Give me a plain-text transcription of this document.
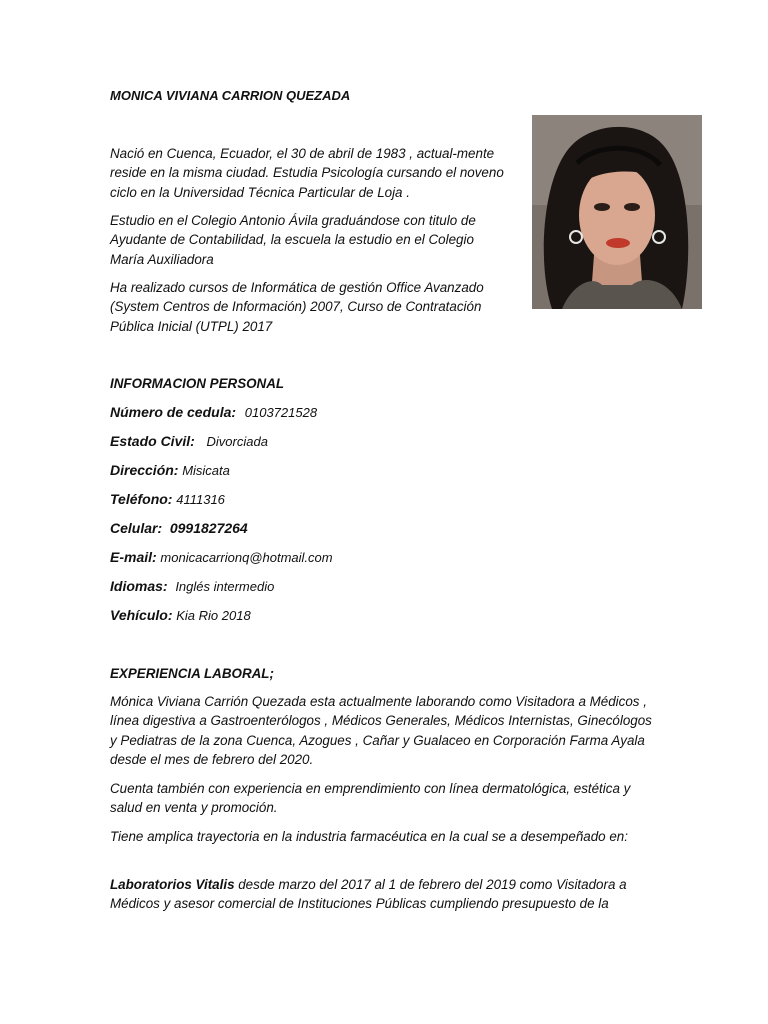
MONICA VIVIANA CARRION QUEZADA

Nació en Cuenca, Ecuador, el 30 de abril de 1983 , actual-mente reside en la misma ciudad. Estudia Psicología cursando el noveno ciclo en la Universidad Técnica Particular de Loja .

Estudio en el Colegio Antonio Ávila graduándose con titulo de Ayudante de Contabilidad, la escuela la estudio en el Colegio María Auxiliadora

Ha realizado cursos de Informática de gestión Office Avanzado (System Centros de Información) 2007, Curso de Contratación Pública Inicial (UTPL) 2017

INFORMACION PERSONAL

Número de cedula: 0103721528
Estado Civil: Divorciada
Dirección: Misicata
Teléfono: 4111316
Celular: 0991827264
E-mail: monicacarrionq@hotmail.com
Idiomas: Inglés intermedio
Vehículo: Kia Rio 2018

EXPERIENCIA LABORAL;

Mónica Viviana Carrión Quezada esta actualmente laborando como Visitadora a Médicos , línea digestiva a Gastroenterólogos , Médicos Generales, Médicos Internistas, Ginecólogos y Pediatras de la zona Cuenca, Azogues , Cañar y Gualaceo en Corporación Farma Ayala desde el mes de febrero del 2020.

Cuenta también con experiencia en emprendimiento con línea dermatológica, estética y salud en venta y promoción.

Tiene amplica trayectoria en la industria farmacéutica en la cual se a desempeñado en:

Laboratorios Vitalis desde marzo del 2017 al 1 de febrero del 2019 como Visitadora a Médicos y asesor comercial de Instituciones Públicas cumpliendo presupuesto de la
